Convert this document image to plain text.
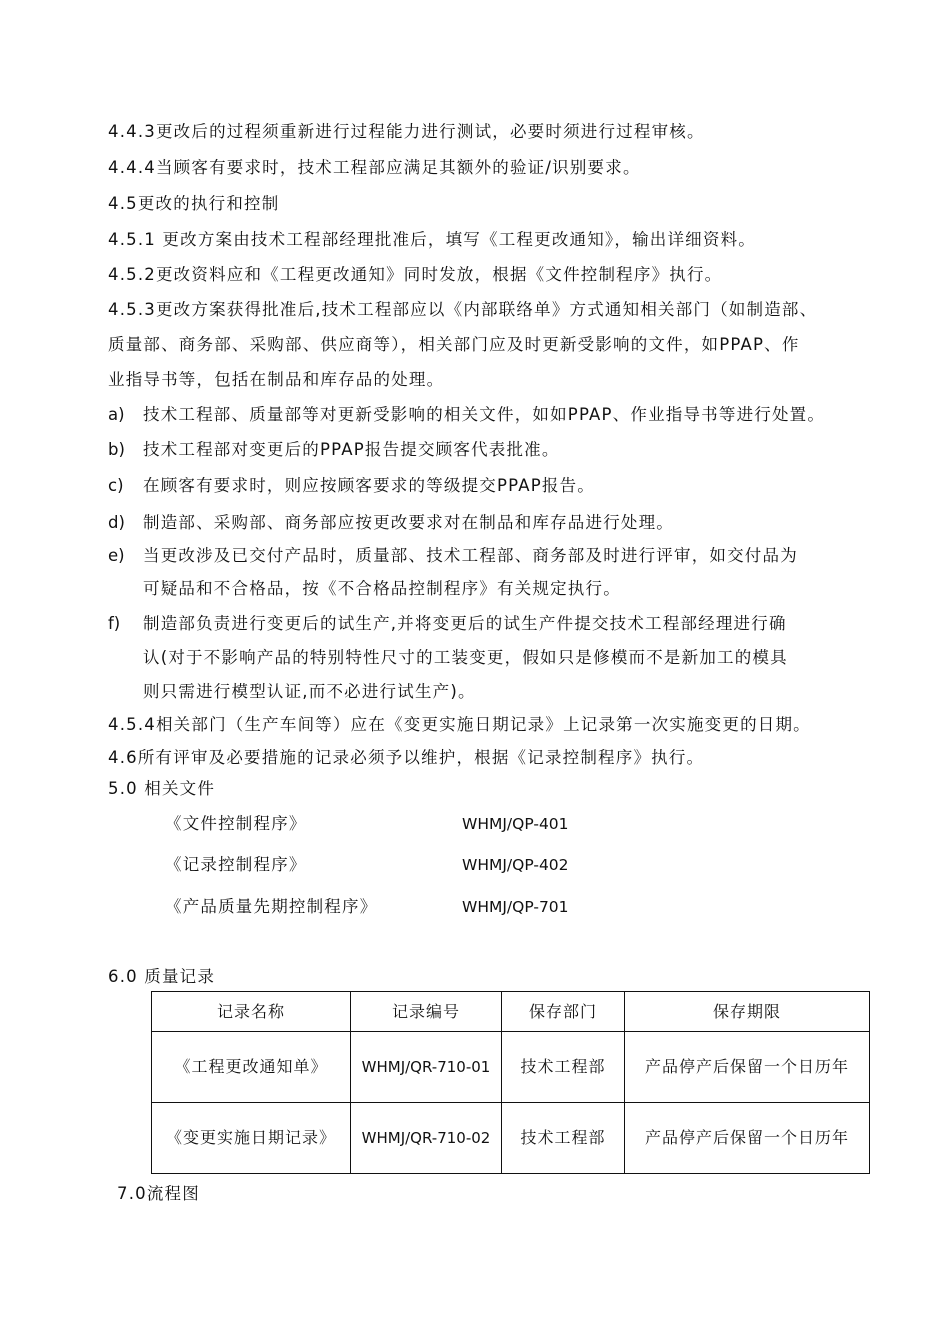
4.4.3更改后的过程须重新进行过程能力进行测试，必要时须进行过程审核。
4.4.4当顾客有要求时，技术工程部应满足其额外的验证/识别要求。
4.5更改的执行和控制
4.5.1 更改方案由技术工程部经理批准后，填写《工程更改通知》，输出详细资料。
4.5.2更改资料应和《工程更改通知》同时发放，根据《文件控制程序》执行。
4.5.3更改方案获得批准后,技术工程部应以《内部联络单》方式通知相关部门（如制造部、
质量部、商务部、采购部、供应商等），相关部门应及时更新受影响的文件，如PPAP、作
业指导书等，包括在制品和库存品的处理。
a) 技术工程部、质量部等对更新受影响的相关文件，如如PPAP、作业指导书等进行处置。
b) 技术工程部对变更后的PPAP报告提交顾客代表批准。
c) 在顾客有要求时，则应按顾客要求的等级提交PPAP报告。
d) 制造部、采购部、商务部应按更改要求对在制品和库存品进行处理。
e) 当更改涉及已交付产品时，质量部、技术工程部、商务部及时进行评审，如交付品为
可疑品和不合格品，按《不合格品控制程序》有关规定执行。
f) 制造部负责进行变更后的试生产,并将变更后的试生产件提交技术工程部经理进行确
认(对于不影响产品的特别特性尺寸的工装变更，假如只是修模而不是新加工的模具
则只需进行模型认证,而不必进行试生产)。
4.5.4相关部门（生产车间等）应在《变更实施日期记录》上记录第一次实施变更的日期。
4.6所有评审及必要措施的记录必须予以维护，根据《记录控制程序》执行。
5.0 相关文件
《文件控制程序》	WHMJ/QP-401
《记录控制程序》	WHMJ/QP-402
《产品质量先期控制程序》	WHMJ/QP-701
6.0 质量记录
记录名称	记录编号	保存部门	保存期限
《工程更改通知单》	WHMJ/QR-710-01	技术工程部	产品停产后保留一个日历年
《变更实施日期记录》	WHMJ/QR-710-02	技术工程部	产品停产后保留一个日历年
7.0流程图
